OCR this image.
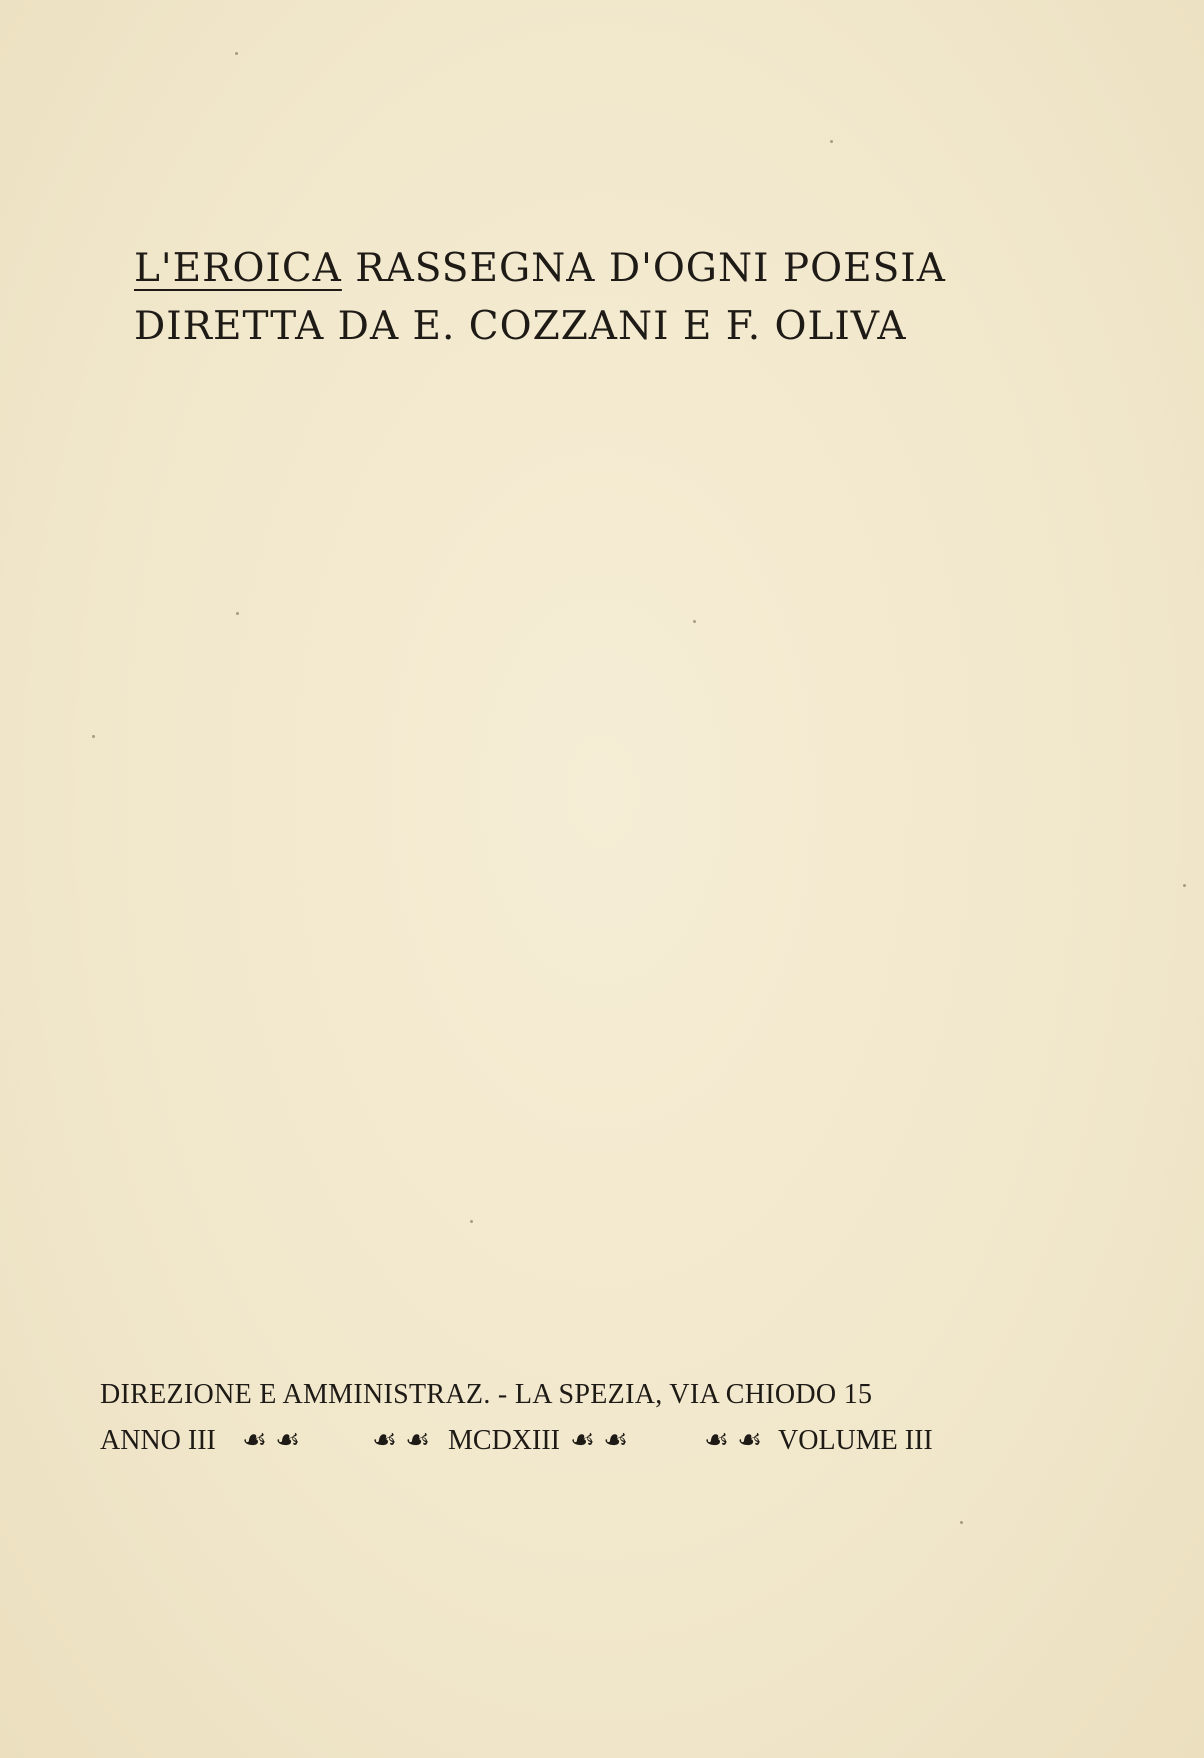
L'EROICA RASSEGNA D'OGNI POESIA
DIRETTA DA E. COZZANI E F. OLIVA
DIREZIONE E AMMINISTRAZ. - LA SPEZIA, VIA CHIODO 15
ANNO III ☙☙ ☙☙ MCDXIII ☙☙ ☙☙ VOLUME III
